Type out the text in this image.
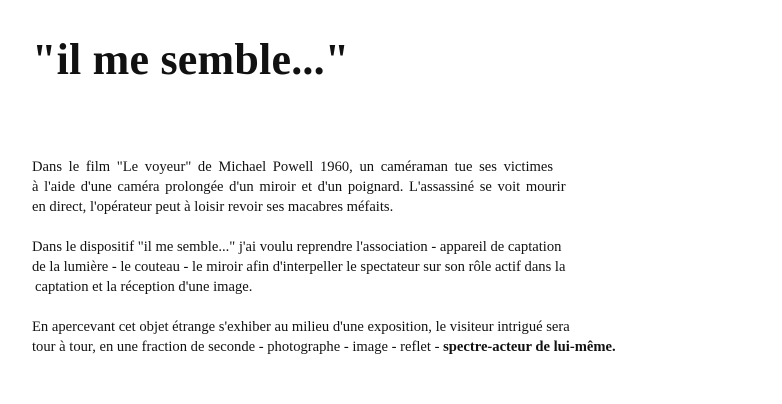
"il me semble..."

Dans le film "Le voyeur" de Michael Powell 1960, un caméraman tue ses victimes
à l'aide d'une caméra prolongée d'un miroir et d'un poignard. L'assassiné se voit mourir
en direct, l'opérateur peut à loisir revoir ses macabres méfaits.

Dans le dispositif "il me semble..." j'ai voulu reprendre l'association - appareil de captation
de la lumière - le couteau - le miroir afin d'interpeller le spectateur sur son rôle actif dans la
captation et la réception d'une image.

En apercevant cet objet étrange s'exhiber au milieu d'une exposition, le visiteur intrigué sera
tour à tour, en une fraction de seconde - photographe - image - reflet - spectre-acteur de lui-même.
